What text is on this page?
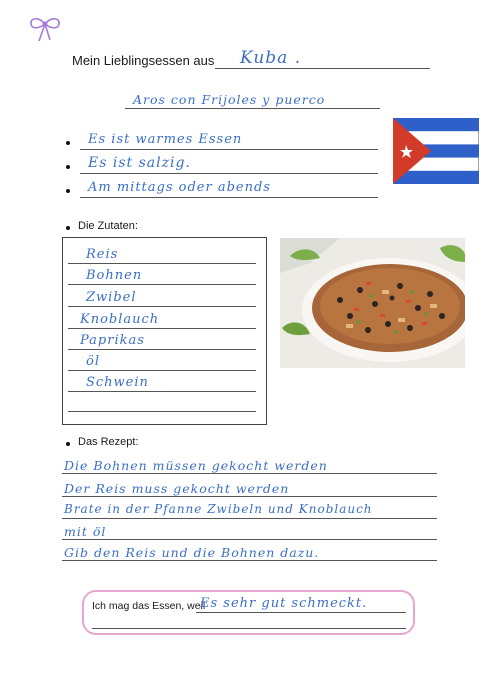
Mein Lieblingsessen aus Kuba .
Aros con Frijoles y puerco
Es ist warmes Essen
Es ist salzig.
Am mittags oder abends
Die Zutaten:
Reis
Bohnen
Zwibel
Knoblauch
Paprikas
öl
Schwein
Das Rezept:
Die Bohnen müssen gekocht werden
Der Reis muss gekocht werden
Brate in der Pfanne Zwibeln und Knoblauch
mit öl
Gib den Reis und die Bohnen dazu.
Ich mag das Essen, weil
Es sehr gut schmeckt.
